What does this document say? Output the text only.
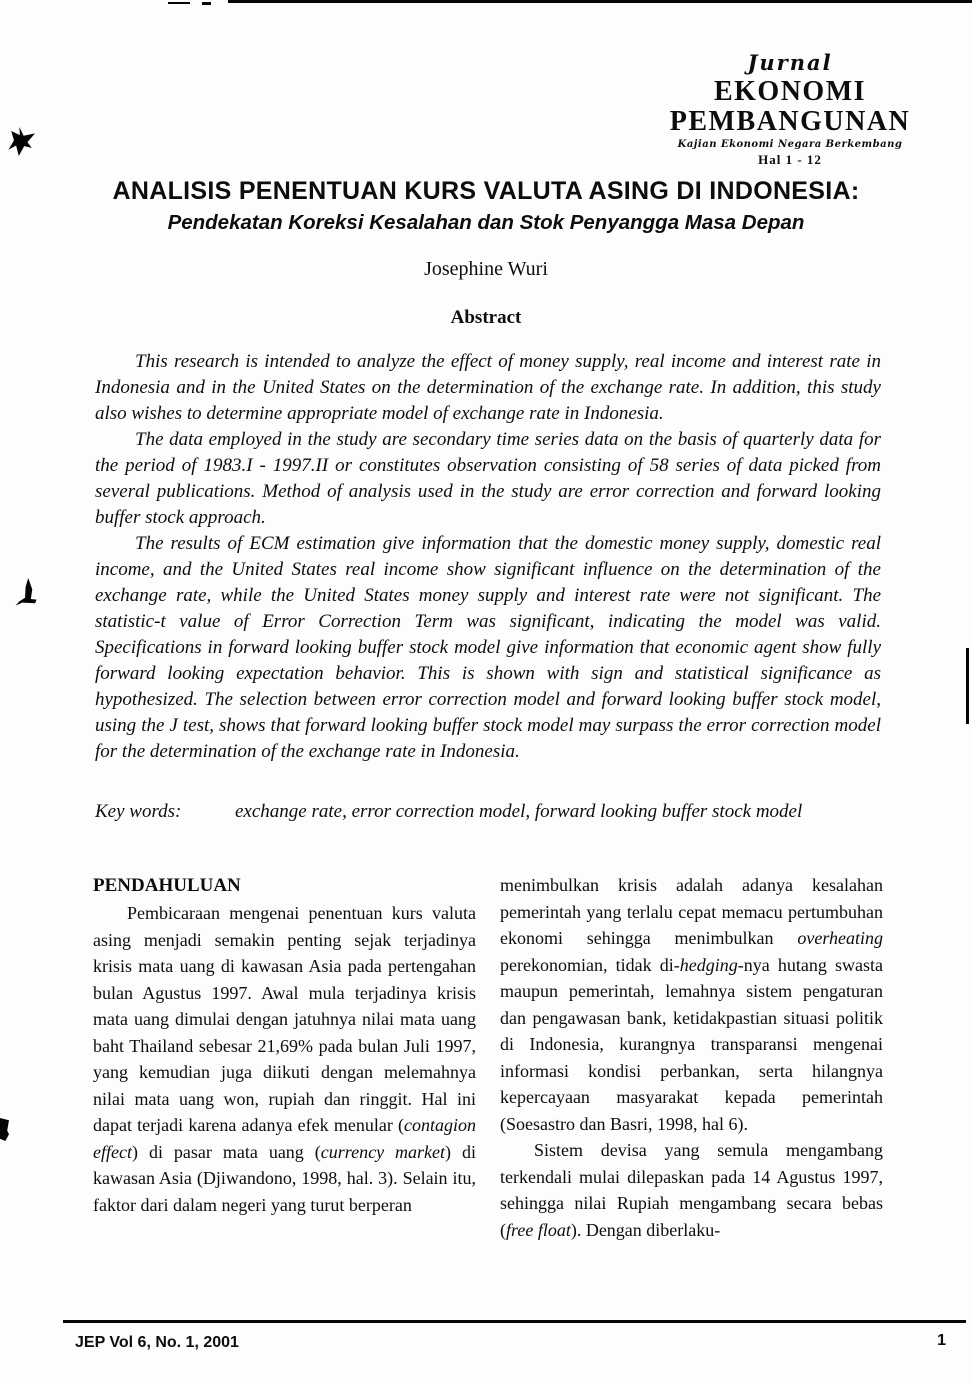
Jurnal
EKONOMI
PEMBANGUNAN
Kajian Ekonomi Negara Berkembang
Hal 1 - 12
ANALISIS PENENTUAN KURS VALUTA ASING DI INDONESIA:
Pendekatan Koreksi Kesalahan dan Stok Penyangga Masa Depan
Josephine Wuri
Abstract

This research is intended to analyze the effect of money supply, real income and interest rate in Indonesia and in the United States on the determination of the exchange rate. In addition, this study also wishes to determine appropriate model of exchange rate in Indonesia.

The data employed in the study are secondary time series data on the basis of quarterly data for the period of 1983.I - 1997.II or constitutes observation consisting of 58 series of data picked from several publications. Method of analysis used in the study are error correction and forward looking buffer stock approach.

The results of ECM estimation give information that the domestic money supply, domestic real income, and the United States real income show significant influence on the determination of the exchange rate, while the United States money supply and interest rate were not significant. The statistic-t value of Error Correction Term was significant, indicating the model was valid. Specifications in forward looking buffer stock model give information that economic agent show fully forward looking expectation behavior. This is shown with sign and statistical significance as hypothesized. The selection between error correction model and forward looking buffer stock model, using the J test, shows that forward looking buffer stock model may surpass the error correction model for the determination of the exchange rate in Indonesia.

Key words:	exchange rate, error correction model, forward looking buffer stock model
PENDAHULUAN

Pembicaraan mengenai penentuan kurs valuta asing menjadi semakin penting sejak terjadinya krisis mata uang di kawasan Asia pada pertengahan bulan Agustus 1997. Awal mula terjadinya krisis mata uang dimulai dengan jatuhnya nilai mata uang baht Thailand sebesar 21,69% pada bulan Juli 1997, yang kemudian juga diikuti dengan melemahnya nilai mata uang won, rupiah dan ringgit. Hal ini dapat terjadi karena adanya efek menular (contagion effect) di pasar mata uang (currency market) di kawasan Asia (Djiwandono, 1998, hal. 3). Selain itu, faktor dari dalam negeri yang turut berperan

menimbulkan krisis adalah adanya kesalahan pemerintah yang terlalu cepat memacu pertumbuhan ekonomi sehingga menimbulkan overheating perekonomian, tidak di-hedging-nya hutang swasta maupun pemerintah, lemahnya sistem pengaturan dan pengawasan bank, ketidakpastian situasi politik di Indonesia, kurangnya transparansi mengenai informasi kondisi perbankan, serta hilangnya kepercayaan masyarakat kepada pemerintah (Soesastro dan Basri, 1998, hal 6).

Sistem devisa yang semula mengambang terkendali mulai dilepaskan pada 14 Agustus 1997, sehingga nilai Rupiah mengambang secara bebas (free float). Dengan diberlaku-

JEP Vol 6, No. 1, 2001	1
